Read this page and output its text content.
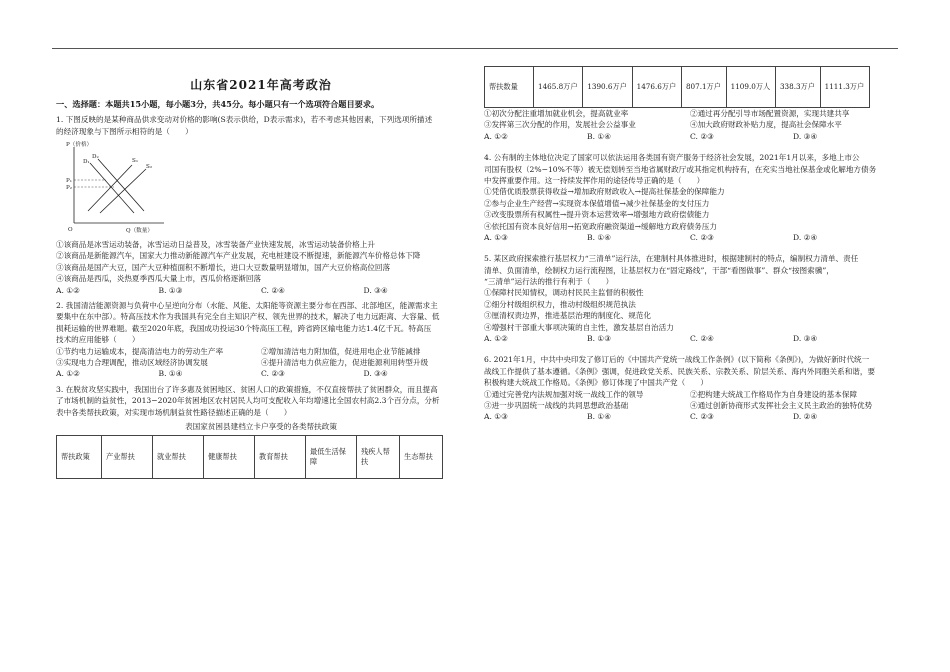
山东省2021年高考政治
一、选择题：本题共15小题，每小题3分，共45分。每小题只有一个选项符合题目要求。

1. 下图反映的是某种商品供求变动对价格的影响(S表示供给，D表示需求)，若不考虑其他因素，下列选项所描述

的经济现象与下图所示相符的是（　　）

P（价格）
Q（数量）
O
P₁
P₂
D₁
D₂
S₁
S₂

①该商品是冰雪运动装备，冰雪运动日益普及，冰雪装备产业快速发展，冰雪运动装备价格上升

②该商品是新能源汽车，国家大力推动新能源汽车产业发展，充电桩建设不断提速，新能源汽车价格总体下降

③该商品是国产大豆，国产大豆种植面积不断增长，进口大豆数量明显增加，国产大豆价格高位回落

④该商品是西瓜，炎热夏季西瓜大量上市，西瓜价格逐渐回落

A. ①②	B. ①③	C. ②④	D. ③④

2. 我国清洁能源资源与负荷中心呈逆向分布（水能、风能、太阳能等资源主要分布在西部、北部地区，能源需求主

要集中在东中部）。特高压技术作为我国具有完全自主知识产权、领先世界的技术，解决了电力远距离、大容量、低

损耗运输的世界难题。截至2020年底，我国成功投运30个特高压工程，跨省跨区输电能力达1.4亿千瓦。特高压

技术的应用能够（　　）

①节约电力运输成本，提高清洁电力的劳动生产率	②增加清洁电力附加值，促进用电企业节能减排
③实现电力合理调配，推动区域经济协调发展	④提升清洁电力供应能力，促进能源利用转型升级
A. ①②	B. ①④	C. ②③	D. ③④

3. 在脱贫攻坚实践中，我国出台了许多惠及贫困地区、贫困人口的政策措施，不仅直接帮扶了贫困群众，而且提高

了市场机制的益贫性，2013−2020年贫困地区农村居民人均可支配收入年均增速比全国农村高2.3个百分点，分析

表中各类帮扶政策，对实现市场机制益贫性路径描述正确的是（　　）

表国家贫困县建档立卡户享受的各类帮扶政策
帮扶政策	产业帮扶	就业帮扶	健康帮扶	教育帮扶	最低生活保障	残疾人帮扶	生态帮扶
帮扶数量	1465.8万户	1390.6万户	1476.6万户	807.1万户	1109.0万人	338.3万户	1111.3万户
①初次分配注重增加就业机会，提高就业率	②通过再分配引导市场配置资源，实现共建共享
③发挥第三次分配的作用，发展社会公益事业	④加大政府财政补贴力度，提高社会保障水平
A. ①②	B. ①④	C. ②③	D. ③④

4. 公有制的主体地位决定了国家可以依法运用各类国有资产服务于经济社会发展，2021年1月以来，多地上市公

司国有股权（2%−10%不等）被无偿划转至当地省属财政厅或其指定机构持有，在充实当地社保基金或化解地方债务

中发挥重要作用。这一持续发挥作用的途径传导正确的是（　　）

①凭借优质股票获得收益→增加政府财政收入→提高社保基金的保障能力

②参与企业生产经营→实现资本保值增值→减少社保基金的支付压力

③改变股票所有权属性→提升资本运营效率→增强地方政府偿债能力

④依托国有资本良好信用→拓宽政府融资渠道→缓解地方政府债务压力

A. ①③	B. ①④	C. ②③	D. ②④

5. 某区政府探索推行基层权力“三清单”运行法，在建制村具体推进时，根据建制村的特点，编制权力清单、责任

清单、负面清单，绘制权力运行流程图，让基层权力在“固定路线”，干部“看图做事”、群众“按图索骥”，

“三清单”运行法的推行有利于（　　）

①保障村民知情权，调动村民民主监督的积极性

②细分村级组织权力，推动村级组织规范执法

③厘清权责边界，推进基层治理的制度化、规范化

④增强村干部重大事项决策的自主性，激发基层自治活力

A. ①②	B. ①③	C. ②④	D. ③④

6. 2021年1月，中共中央印发了修订后的《中国共产党统一战线工作条例》(以下简称《条例》)，为做好新时代统一

战线工作提供了基本遵循。《条例》强调，促进政党关系、民族关系、宗教关系、阶层关系、海内外同胞关系和谐，要

积极构建大统战工作格局。《条例》修订体现了中国共产党（　　）

①通过完善党内法规加强对统一战线工作的领导	②把构建大统战工作格局作为自身建设的基本保障
③进一步巩固统一战线的共同思想政治基础	④通过创新协商形式发挥社会主义民主政治的独特优势
A. ①③	B. ①④	C. ②③	D. ②④
